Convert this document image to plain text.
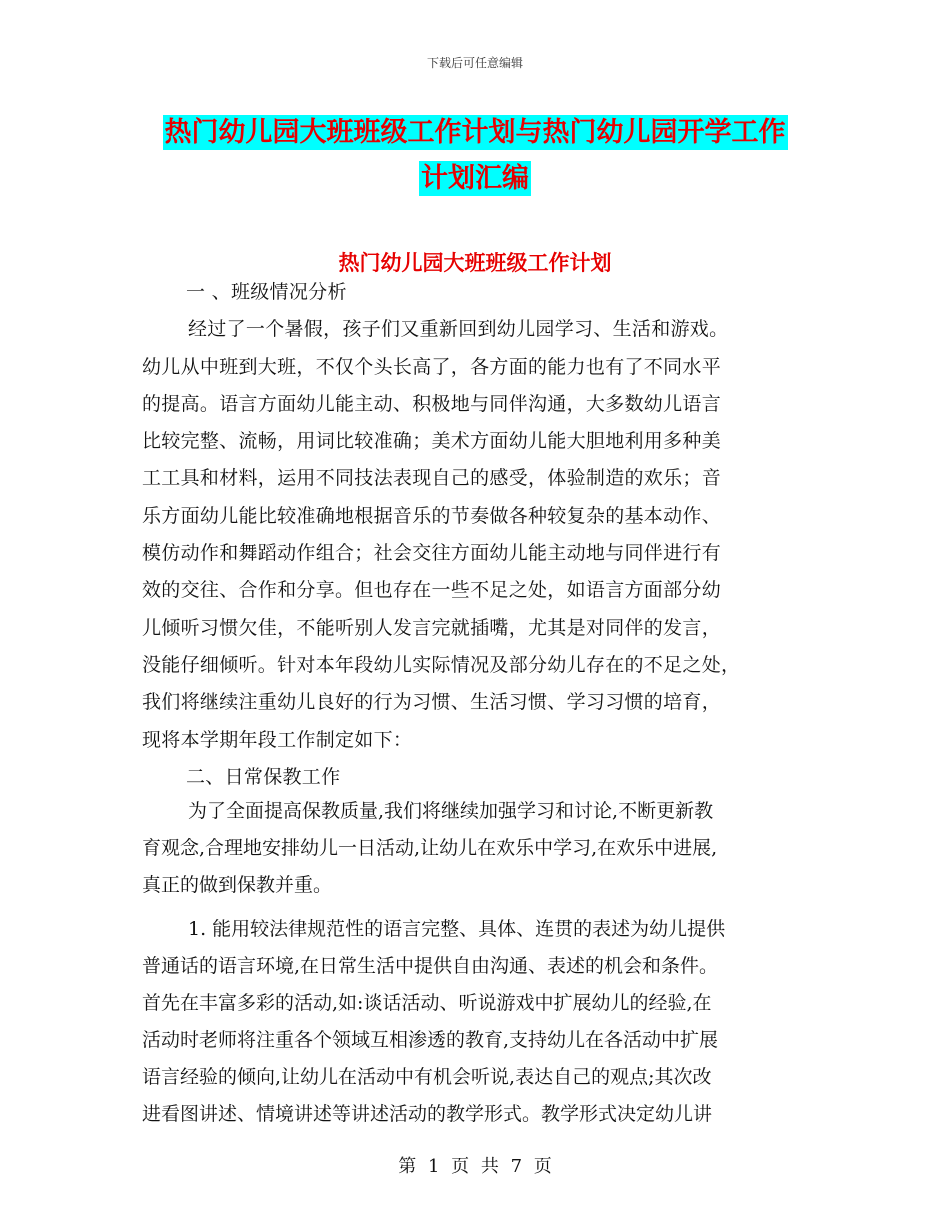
下载后可任意编辑
热门幼儿园大班班级工作计划与热门幼儿园开学工作
计划汇编
热门幼儿园大班班级工作计划

一 、班级情况分析

经过了一个暑假，孩子们又重新回到幼儿园学习、生活和游戏。

幼儿从中班到大班，不仅个头长高了，各方面的能力也有了不同水平

的提高。语言方面幼儿能主动、积极地与同伴沟通，大多数幼儿语言

比较完整、流畅，用词比较准确；美术方面幼儿能大胆地利用多种美

工工具和材料，运用不同技法表现自己的感受，体验制造的欢乐；音

乐方面幼儿能比较准确地根据音乐的节奏做各种较复杂的基本动作、

模仿动作和舞蹈动作组合；社会交往方面幼儿能主动地与同伴进行有

效的交往、合作和分享。但也存在一些不足之处，如语言方面部分幼

儿倾听习惯欠佳，不能听别人发言完就插嘴，尤其是对同伴的发言，

没能仔细倾听。针对本年段幼儿实际情况及部分幼儿存在的不足之处，

我们将继续注重幼儿良好的行为习惯、生活习惯、学习习惯的培育，

现将本学期年段工作制定如下：

二、日常保教工作

为了全面提高保教质量,我们将继续加强学习和讨论,不断更新教

育观念,合理地安排幼儿一日活动,让幼儿在欢乐中学习,在欢乐中进展,

真正的做到保教并重。

1. 能用较法律规范性的语言完整、具体、连贯的表述为幼儿提供

普通话的语言环境,在日常生活中提供自由沟通、表述的机会和条件。

首先在丰富多彩的活动,如:谈话活动、听说游戏中扩展幼儿的经验,在

活动时老师将注重各个领域互相渗透的教育,支持幼儿在各活动中扩展

语言经验的倾向,让幼儿在活动中有机会听说,表达自己的观点;其次改

进看图讲述、情境讲述等讲述活动的教学形式。教学形式决定幼儿讲

第 1 页 共 7 页
